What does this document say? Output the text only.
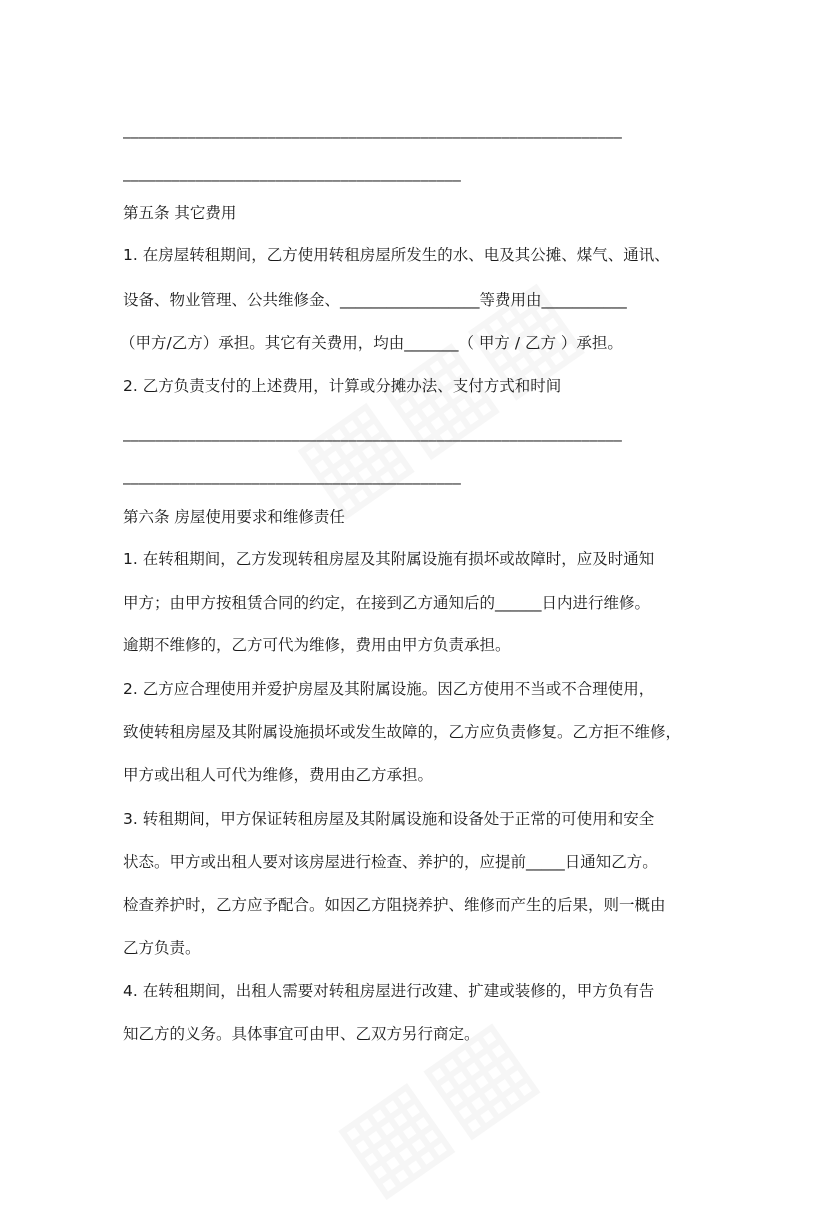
______________________________________________________________
__________________________________________
第五条 其它费用
1. 在房屋转租期间，乙方使用转租房屋所发生的水、电及其公摊、煤气、通讯、
设备、物业管理、公共维修金、__________________等费用由___________
（甲方/乙方）承担。其它有关费用，均由_______（ 甲方 / 乙方 ）承担。
2. 乙方负责支付的上述费用，计算或分摊办法、支付方式和时间
______________________________________________________________
__________________________________________
第六条 房屋使用要求和维修责任
1. 在转租期间，乙方发现转租房屋及其附属设施有损坏或故障时，应及时通知
甲方；由甲方按租赁合同的约定，在接到乙方通知后的______日内进行维修。
逾期不维修的，乙方可代为维修，费用由甲方负责承担。
2. 乙方应合理使用并爱护房屋及其附属设施。因乙方使用不当或不合理使用，
致使转租房屋及其附属设施损坏或发生故障的，乙方应负责修复。乙方拒不维修，
甲方或出租人可代为维修，费用由乙方承担。
3. 转租期间，甲方保证转租房屋及其附属设施和设备处于正常的可使用和安全
状态。甲方或出租人要对该房屋进行检查、养护的，应提前_____日通知乙方。
检查养护时，乙方应予配合。如因乙方阻挠养护、维修而产生的后果，则一概由
乙方负责。
4. 在转租期间，出租人需要对转租房屋进行改建、扩建或装修的，甲方负有告
知乙方的义务。具体事宜可由甲、乙双方另行商定。
